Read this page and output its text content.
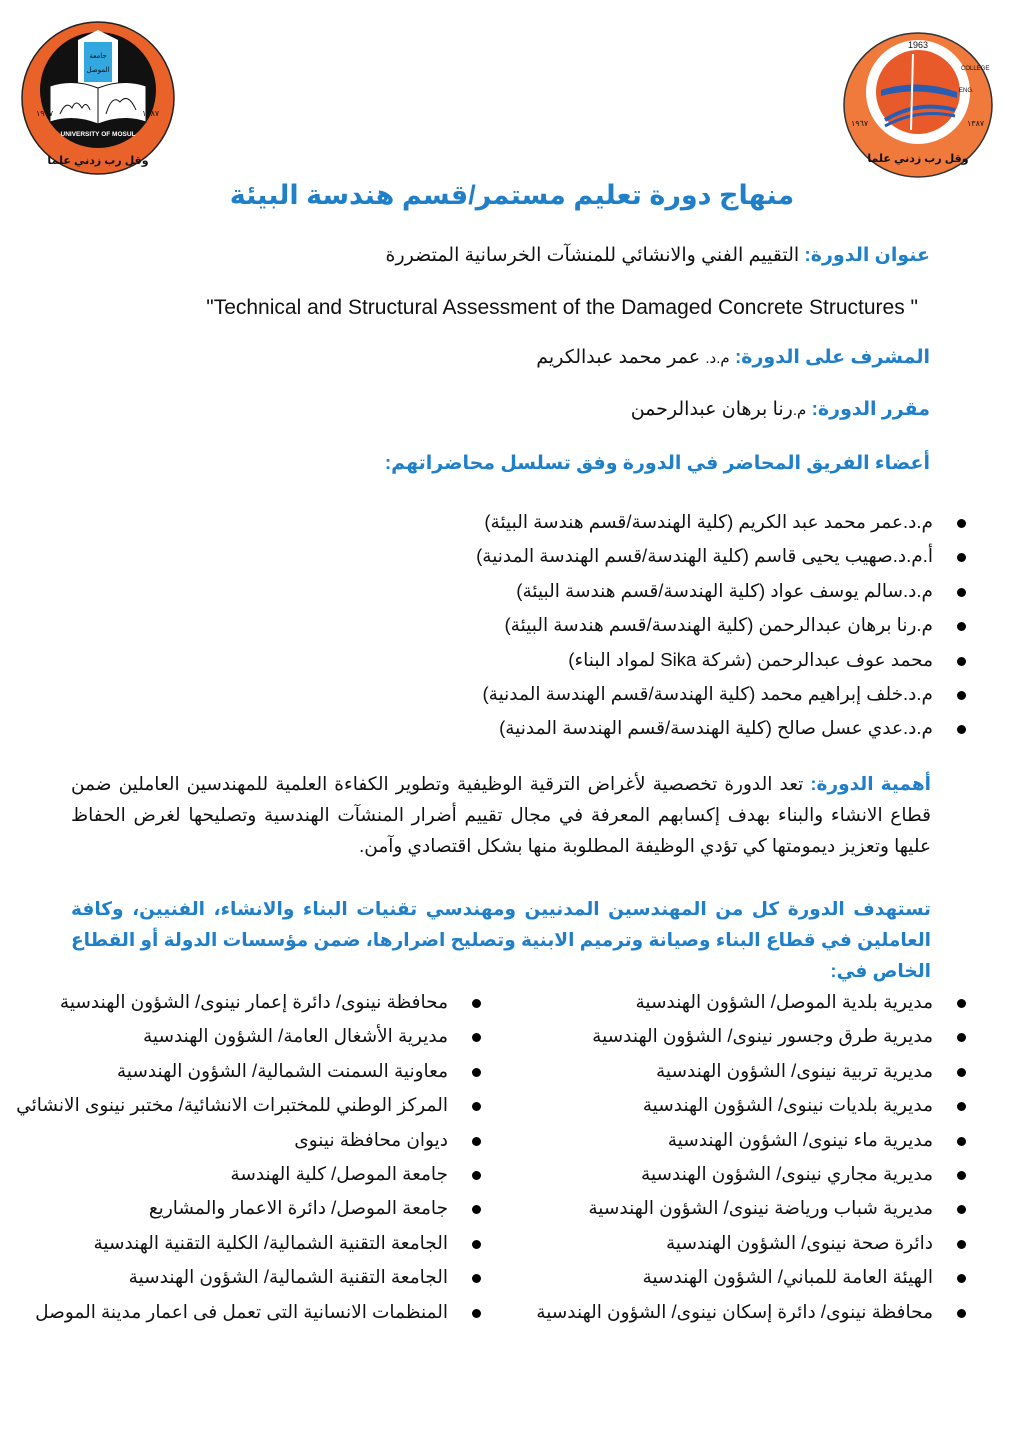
جامعة
الموصل
UNIVERSITY OF MOSUL
وقل رب زدني علما
١٩٦٧	١٣٨٧
1963
COLLEGE
ENG.
وقل رب زدني علما
١٩٦٧	١٣٨٧
منهاج دورة تعليم مستمر/قسم هندسة البيئة
عنوان الدورة: التقييم الفني والانشائي للمنشآت الخرسانية المتضررة
"Technical and Structural Assessment of the Damaged Concrete Structures "
المشرف على الدورة: م.د. عمر محمد عبدالكريم
مقرر الدورة: م.رنا برهان عبدالرحمن
أعضاء الفريق المحاضر في الدورة وفق تسلسل محاضراتهم:
م.د.عمر محمد عبد الكريم (كلية الهندسة/قسم هندسة البيئة)
أ.م.د.صهيب يحيى قاسم (كلية الهندسة/قسم الهندسة المدنية)
م.د.سالم يوسف عواد (كلية الهندسة/قسم هندسة البيئة)
م.رنا برهان عبدالرحمن (كلية الهندسة/قسم هندسة البيئة)
محمد عوف عبدالرحمن (شركة Sika لمواد البناء)
م.د.خلف إبراهيم محمد (كلية الهندسة/قسم الهندسة المدنية)
م.د.عدي عسل صالح (كلية الهندسة/قسم الهندسة المدنية)
أهمية الدورة: تعد الدورة تخصصية لأغراض الترقية الوظيفية وتطوير الكفاءة العلمية للمهندسين العاملين ضمن قطاع الانشاء والبناء بهدف إكسابهم المعرفة في مجال تقييم أضرار المنشآت الهندسية وتصليحها لغرض الحفاظ عليها وتعزيز ديمومتها كي تؤدي الوظيفة المطلوبة منها بشكل اقتصادي وآمن.
تستهدف الدورة كل من المهندسين المدنيين ومهندسي تقنيات البناء والانشاء، الفنيين، وكافة العاملين في قطاع البناء وصيانة وترميم الابنية وتصليح اضرارها، ضمن مؤسسات الدولة أو القطاع الخاص في:
مديرية بلدية الموصل/ الشؤون الهندسية
مديرية طرق وجسور نينوى/ الشؤون الهندسية
مديرية تربية نينوى/ الشؤون الهندسية
مديرية بلديات نينوى/ الشؤون الهندسية
مديرية ماء نينوى/ الشؤون الهندسية
مديرية مجاري نينوى/ الشؤون الهندسية
مديرية شباب ورياضة نينوى/ الشؤون الهندسية
دائرة صحة نينوى/ الشؤون الهندسية
الهيئة العامة للمباني/ الشؤون الهندسية
محافظة نينوى/ دائرة إسكان نينوى/ الشؤون الهندسية
محافظة نينوى/ دائرة إعمار نينوى/ الشؤون الهندسية
مديرية الأشغال العامة/ الشؤون الهندسية
معاونية السمنت الشمالية/ الشؤون الهندسية
المركز الوطني للمختبرات الانشائية/ مختبر نينوى الانشائي
ديوان محافظة نينوى
جامعة الموصل/ كلية الهندسة
جامعة الموصل/ دائرة الاعمار والمشاريع
الجامعة التقنية الشمالية/ الكلية التقنية الهندسية
الجامعة التقنية الشمالية/ الشؤون الهندسية
المنظمات الانسانية التى تعمل فى اعمار مدينة الموصل
